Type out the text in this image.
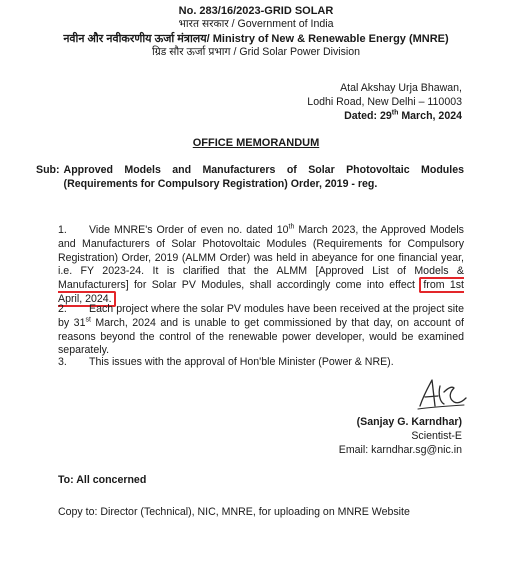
No. 283/16/2023-GRID SOLAR
भारत सरकार / Government of India
नवीन और नवीकरणीय ऊर्जा मंत्रालय/ Ministry of New & Renewable Energy (MNRE)
ग्रिड सौर ऊर्जा प्रभाग / Grid Solar Power Division
Atal Akshay Urja Bhawan,
Lodhi Road, New Delhi – 110003
Dated: 29th March, 2024
OFFICE MEMORANDUM
Sub: Approved Models and Manufacturers of Solar Photovoltaic Modules (Requirements for Compulsory Registration) Order, 2019 - reg.
1.	Vide MNRE's Order of even no. dated 10th March 2023, the Approved Models and Manufacturers of Solar Photovoltaic Modules (Requirements for Compulsory Registration) Order, 2019 (ALMM Order) was held in abeyance for one financial year, i.e. FY 2023-24. It is clarified that the ALMM [Approved List of Models & Manufacturers] for Solar PV Modules, shall accordingly come into effect from 1st April, 2024.
2.	Each project where the solar PV modules have been received at the project site by 31st March, 2024 and is unable to get commissioned by that day, on account of reasons beyond the control of the renewable power developer, would be examined separately.
3.	This issues with the approval of Hon'ble Minister (Power & NRE).
(Sanjay G. Karndhar)
Scientist-E
Email: karndhar.sg@nic.in
To: All concerned
Copy to: Director (Technical), NIC, MNRE, for uploading on MNRE Website
